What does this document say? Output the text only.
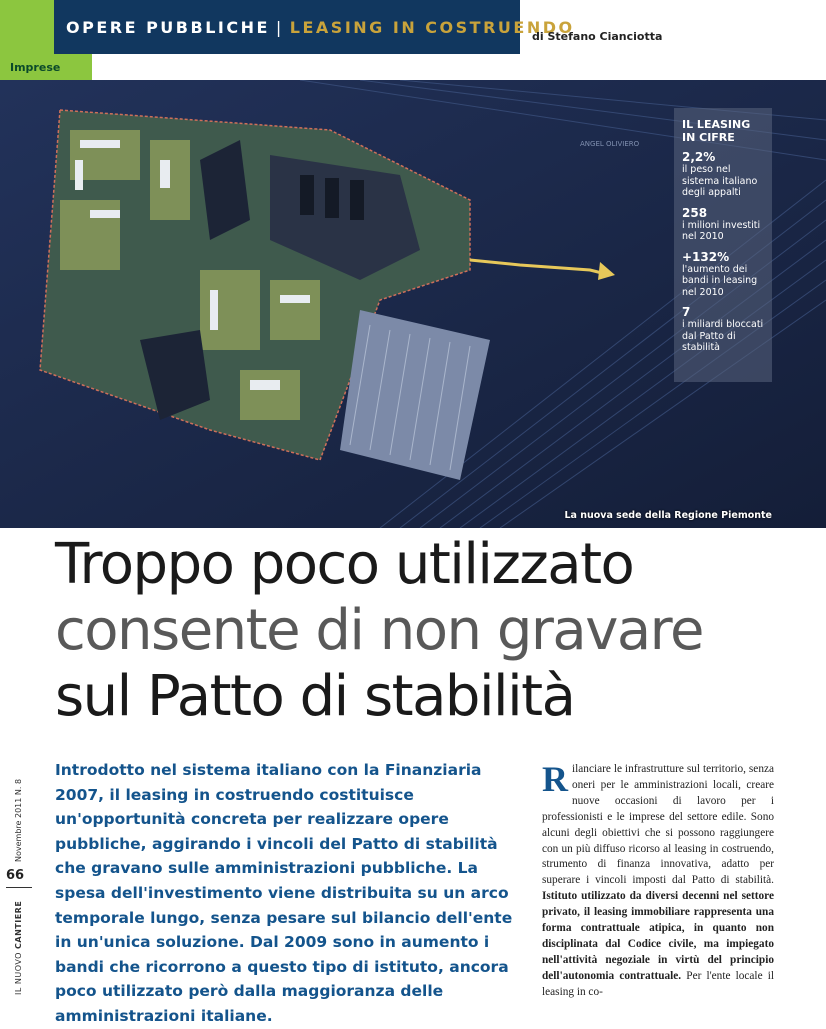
OPERE PUBBLICHE | LEASING IN COSTRUENDO
di Stefano Cianciotta
Imprese
ANGEL OLIVIERO
IL LEASING IN CIFRE
2,2%
il peso nel sistema italiano degli appalti
258
i milioni investiti nel 2010
+132%
l'aumento dei bandi in leasing nel 2010
7
i miliardi bloccati dal Patto di stabilità
La nuova sede della Regione Piemonte
Troppo poco utilizzato
consente di non gravare
sul Patto di stabilità

Introdotto nel sistema italiano con la Finanziaria 2007, il leasing in costruendo costituisce un'opportunità concreta per realizzare opere pubbliche, aggirando i vincoli del Patto di stabilità che gravano sulle amministrazioni pubbliche. La spesa dell'investimento viene distribuita su un arco temporale lungo, senza pesare sul bilancio dell'ente in un'unica soluzione. Dal 2009 sono in aumento i bandi che ricorrono a questo tipo di istituto, ancora poco utilizzato però dalla maggioranza delle amministrazioni italiane.

Rilanciare le infrastrutture sul territorio, senza oneri per le amministrazioni locali, creare nuove occasioni di lavoro per i professionisti e le imprese del settore edile. Sono alcuni degli obiettivi che si possono raggiungere con un più diffuso ricorso al leasing in costruendo, strumento di finanza innovativa, adatto per superare i vincoli imposti dal Patto di stabilità. Istituto utilizzato da diversi decenni nel settore privato, il leasing immobiliare rappresenta una forma contrattuale atipica, in quanto non disciplinata dal Codice civile, ma impiegato nell'attività negoziale in virtù del principio dell'autonomia contrattuale. Per l'ente locale il leasing in co-
Novembre 2011 N. 8
66
IL NUOVO CANTIERE
